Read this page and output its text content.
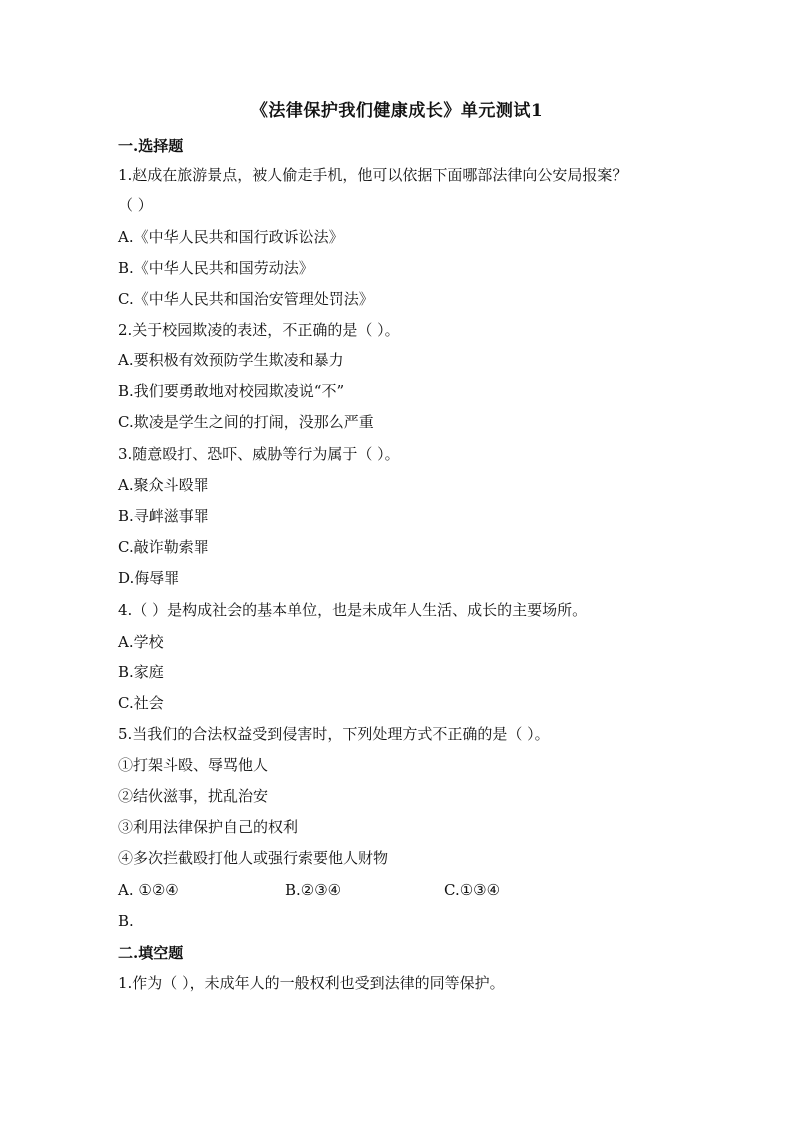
《法律保护我们健康成长》单元测试1
一.选择题
1.赵成在旅游景点，被人偷走手机，他可以依据下面哪部法律向公安局报案？
（ ）
A.《中华人民共和国行政诉讼法》
B.《中华人民共和国劳动法》
C.《中华人民共和国治安管理处罚法》
2.关于校园欺凌的表述，不正确的是（ ）。
A.要积极有效预防学生欺凌和暴力
B.我们要勇敢地对校园欺凌说“不”
C.欺凌是学生之间的打闹，没那么严重
3.随意殴打、恐吓、威胁等行为属于（ ）。
A.聚众斗殴罪
B.寻衅滋事罪
C.敲诈勒索罪
D.侮辱罪
4.（ ）是构成社会的基本单位，也是未成年人生活、成长的主要场所。
A.学校
B.家庭
C.社会
5.当我们的合法权益受到侵害时，下列处理方式不正确的是（ ）。
①打架斗殴、辱骂他人
②结伙滋事，扰乱治安
③利用法律保护自己的权利
④多次拦截殴打他人或强行索要他人财物
A. ①②④	B.②③④	C.①③④
B.
二.填空题
1.作为（ ），未成年人的一般权利也受到法律的同等保护。
